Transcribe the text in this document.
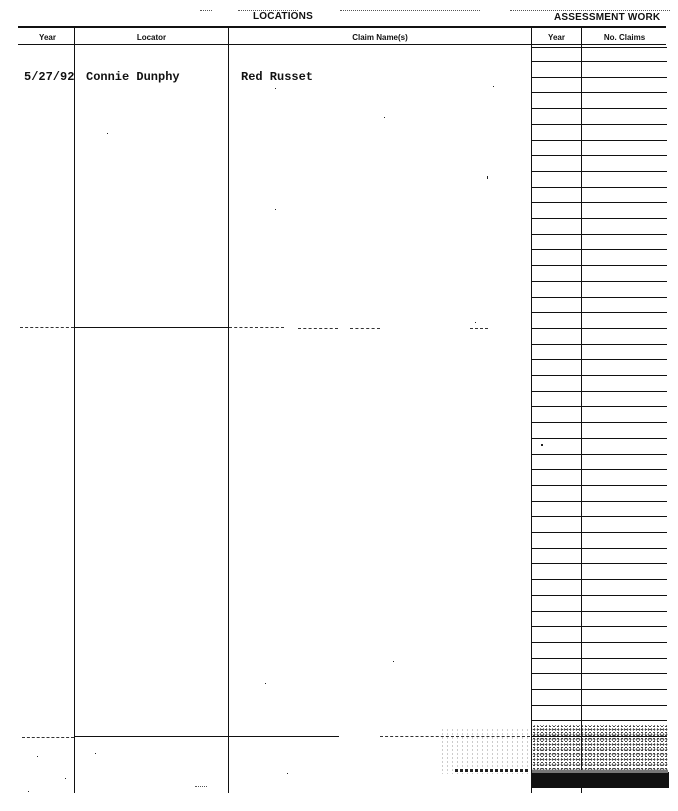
LOCATIONS	ASSESSMENT WORK
Year	Locator	Claim Name(s)	Year	No. Claims
5/27/92 Connie Dunphy	Red Russet
